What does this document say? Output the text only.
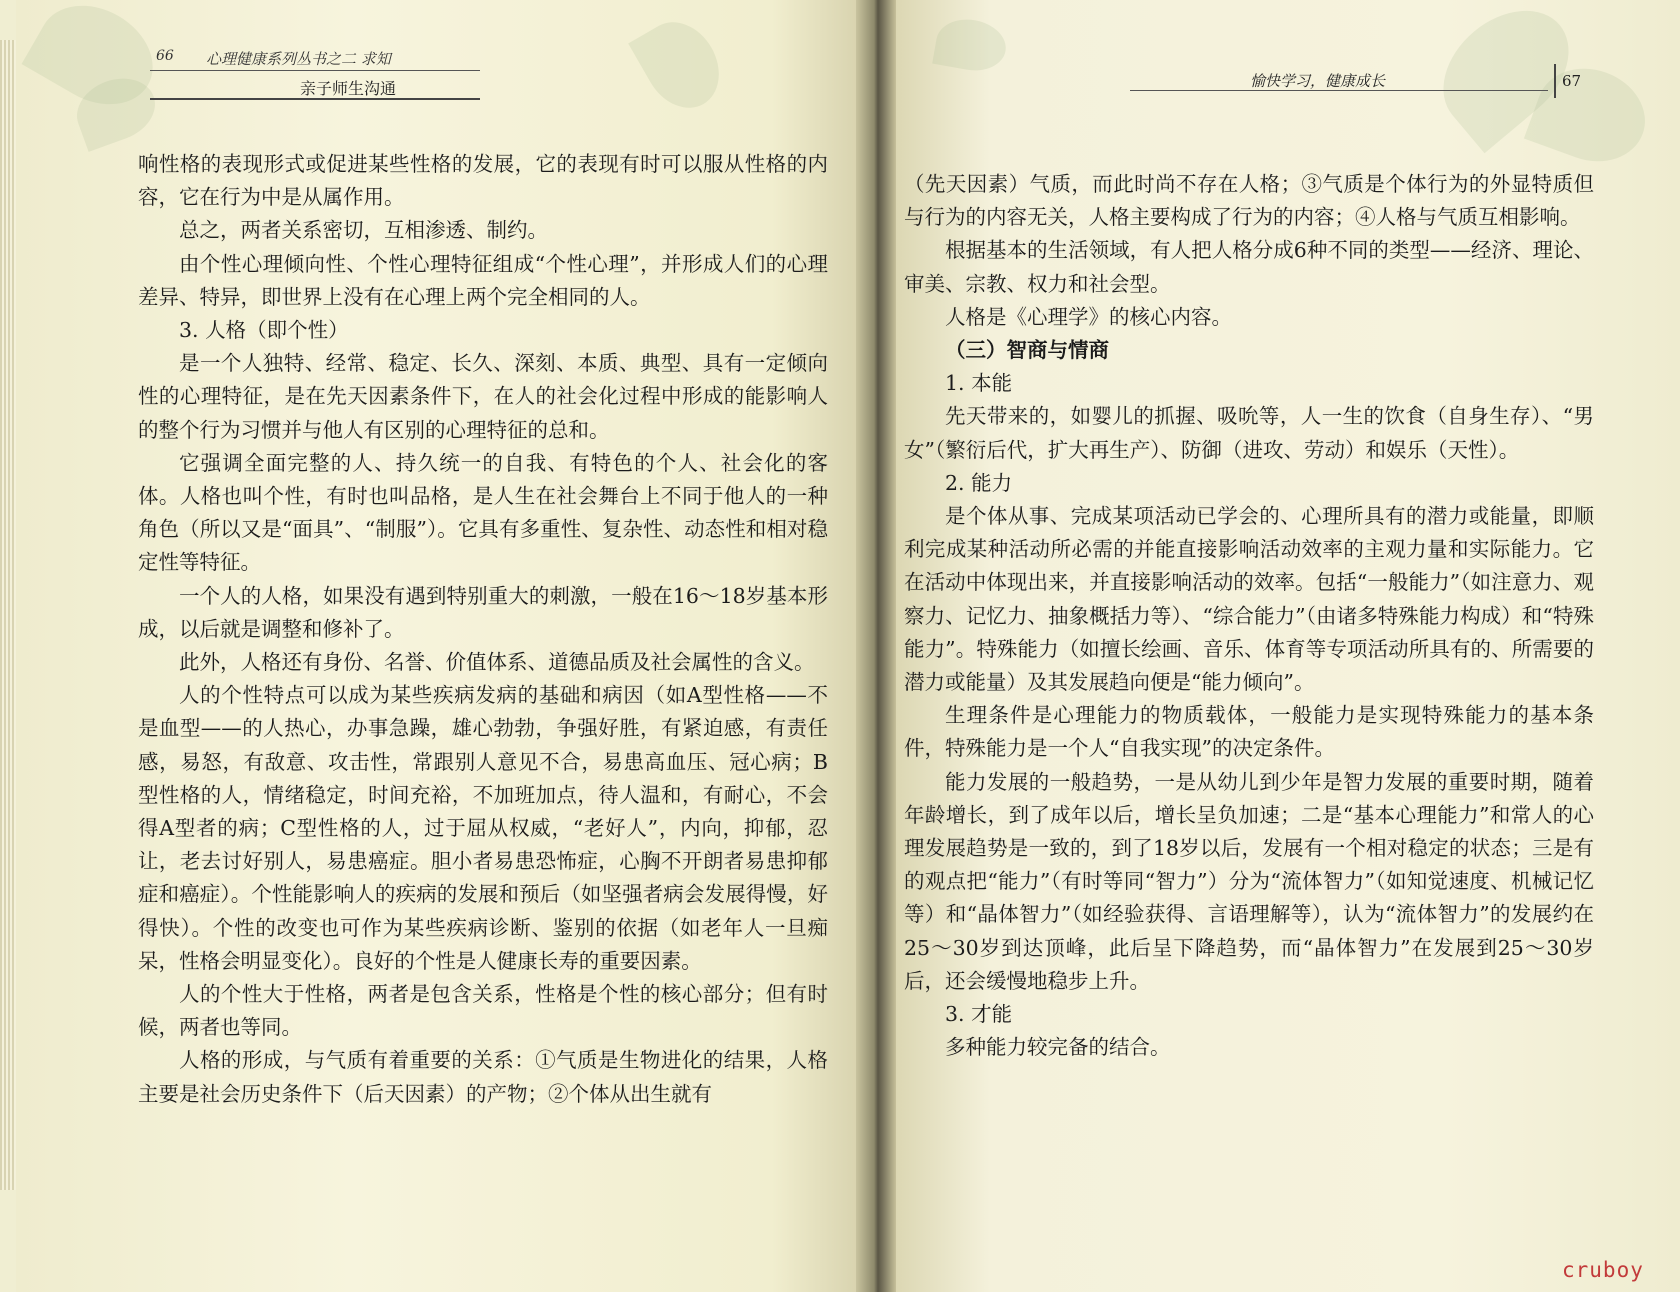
66 心理健康系列丛书之二 求知
亲子师生沟通	愉快学习，健康成长	67

响性格的表现形式或促进某些性格的发展，它的表现有时可以服从性格的内容，它在行为中是从属作用。

总之，两者关系密切，互相渗透、制约。

由个性心理倾向性、个性心理特征组成“个性心理”，并形成人们的心理差异、特异，即世界上没有在心理上两个完全相同的人。

3. 人格（即个性）

是一个人独特、经常、稳定、长久、深刻、本质、典型、具有一定倾向性的心理特征，是在先天因素条件下，在人的社会化过程中形成的能影响人的整个行为习惯并与他人有区别的心理特征的总和。

它强调全面完整的人、持久统一的自我、有特色的个人、社会化的客体。人格也叫个性，有时也叫品格，是人生在社会舞台上不同于他人的一种角色（所以又是“面具”、“制服”）。它具有多重性、复杂性、动态性和相对稳定性等特征。

一个人的人格，如果没有遇到特别重大的刺激，一般在16～18岁基本形成，以后就是调整和修补了。

此外，人格还有身份、名誉、价值体系、道德品质及社会属性的含义。

人的个性特点可以成为某些疾病发病的基础和病因（如A型性格——不是血型——的人热心，办事急躁，雄心勃勃，争强好胜，有紧迫感，有责任感，易怒，有敌意、攻击性，常跟别人意见不合，易患高血压、冠心病；B型性格的人，情绪稳定，时间充裕，不加班加点，待人温和，有耐心，不会得A型者的病；C型性格的人，过于屈从权威，“老好人”，内向，抑郁，忍让，老去讨好别人，易患癌症。胆小者易患恐怖症，心胸不开朗者易患抑郁症和癌症）。个性能影响人的疾病的发展和预后（如坚强者病会发展得慢，好得快）。个性的改变也可作为某些疾病诊断、鉴别的依据（如老年人一旦痴呆，性格会明显变化）。良好的个性是人健康长寿的重要因素。

人的个性大于性格，两者是包含关系，性格是个性的核心部分；但有时候，两者也等同。

人格的形成，与气质有着重要的关系：①气质是生物进化的结果，人格主要是社会历史条件下（后天因素）的产物；②个体从出生就有

（先天因素）气质，而此时尚不存在人格；③气质是个体行为的外显特质但与行为的内容无关，人格主要构成了行为的内容；④人格与气质互相影响。

根据基本的生活领域，有人把人格分成6种不同的类型——经济、理论、审美、宗教、权力和社会型。

人格是《心理学》的核心内容。

（三）智商与情商

1. 本能

先天带来的，如婴儿的抓握、吸吮等，人一生的饮食（自身生存）、“男女”（繁衍后代，扩大再生产）、防御（进攻、劳动）和娱乐（天性）。

2. 能力

是个体从事、完成某项活动已学会的、心理所具有的潜力或能量，即顺利完成某种活动所必需的并能直接影响活动效率的主观力量和实际能力。它在活动中体现出来，并直接影响活动的效率。包括“一般能力”（如注意力、观察力、记忆力、抽象概括力等）、“综合能力”（由诸多特殊能力构成）和“特殊能力”。特殊能力（如擅长绘画、音乐、体育等专项活动所具有的、所需要的潜力或能量）及其发展趋向便是“能力倾向”。

生理条件是心理能力的物质载体，一般能力是实现特殊能力的基本条件，特殊能力是一个人“自我实现”的决定条件。

能力发展的一般趋势，一是从幼儿到少年是智力发展的重要时期，随着年龄增长，到了成年以后，增长呈负加速；二是“基本心理能力”和常人的心理发展趋势是一致的，到了18岁以后，发展有一个相对稳定的状态；三是有的观点把“能力”（有时等同“智力”）分为“流体智力”（如知觉速度、机械记忆等）和“晶体智力”（如经验获得、言语理解等），认为“流体智力”的发展约在25～30岁到达顶峰，此后呈下降趋势，而“晶体智力”在发展到25～30岁后，还会缓慢地稳步上升。

3. 才能

多种能力较完备的结合。

cruboy
